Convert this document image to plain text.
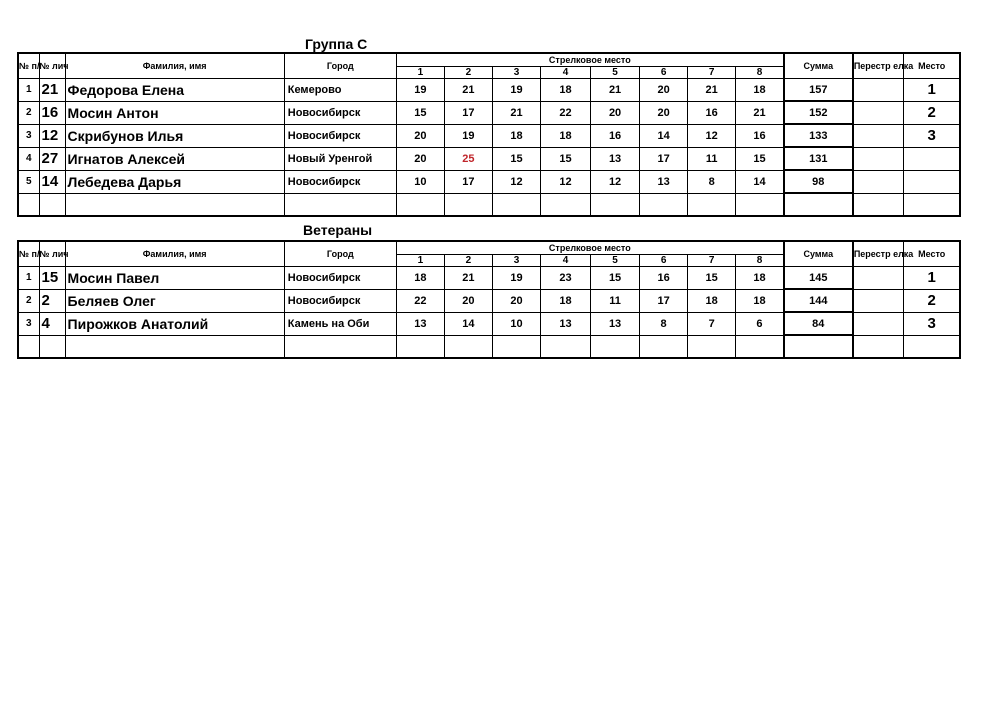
Группа С
№ п/	№ лич	Фамилия, имя	Город	Стрелковое место								Сумма	Перестр елка	Место
				1	2	3	4	5	6	7	8			
1	21	Федорова Елена	Кемерово	19	21	19	18	21	20	21	18	157		1
2	16	Мосин Антон	Новосибирск	15	17	21	22	20	20	16	21	152		2
3	12	Скрибунов Илья	Новосибирск	20	19	18	18	16	14	12	16	133		3
4	27	Игнатов Алексей	Новый Уренгой	20	25	15	15	13	17	11	15	131		
5	14	Лебедева Дарья	Новосибирск	10	17	12	12	12	13	8	14	98		

Ветераны
№ п/	№ лич	Фамилия, имя	Город	Стрелковое место								Сумма	Перестр елка	Место
				1	2	3	4	5	6	7	8			
1	15	Мосин Павел	Новосибирск	18	21	19	23	15	16	15	18	145		1
2	2	Беляев Олег	Новосибирск	22	20	20	18	11	17	18	18	144		2
3	4	Пирожков Анатолий	Камень на Оби	13	14	10	13	13	8	7	6	84		3
